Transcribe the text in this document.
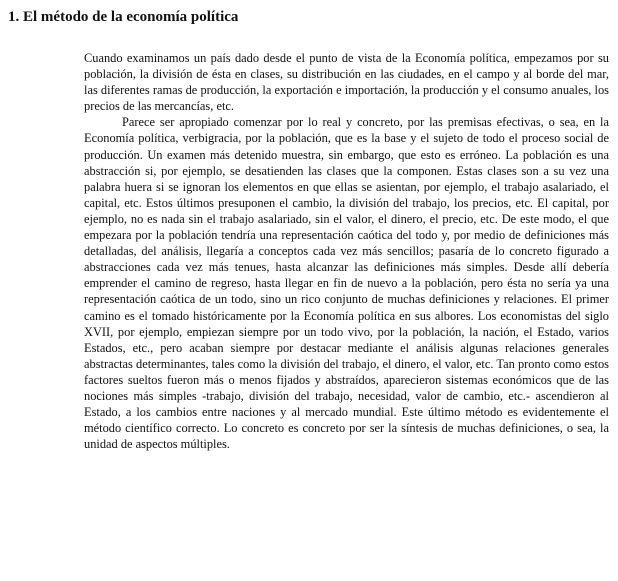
1. El método de la economía política

Cuando examinamos un país dado desde el punto de vista de la Economía política, empezamos por su población, la división de ésta en clases, su distribución en las ciudades, en el campo y al borde del mar, las diferentes ramas de producción, la exportación e importación, la producción y el consumo anuales, los precios de las mercancías, etc.

Parece ser apropiado comenzar por lo real y concreto, por las premisas efectivas, o sea, en la Economía política, verbigracia, por la población, que es la base y el sujeto de todo el proceso social de producción. Un examen más detenido muestra, sin embargo, que esto es erróneo. La población es una abstracción si, por ejemplo, se desatienden las clases que la componen. Estas clases son a su vez una palabra huera si se ignoran los elementos en que ellas se asientan, por ejemplo, el trabajo asalariado, el capital, etc. Estos últimos presuponen el cambio, la división del trabajo, los precios, etc. El capital, por ejemplo, no es nada sin el trabajo asalariado, sin el valor, el dinero, el precio, etc. De este modo, el que empezara por la población tendría una representación caótica del todo y, por medio de definiciones más detalladas, del análisis, llegaría a conceptos cada vez más sencillos; pasaría de lo concreto figurado a abstracciones cada vez más tenues, hasta alcanzar las definiciones más simples. Desde allí debería emprender el camino de regreso, hasta llegar en fin de nuevo a la población, pero ésta no sería ya una representación caótica de un todo, sino un rico conjunto de muchas definiciones y relaciones. El primer camino es el tomado históricamente por la Economía política en sus albores. Los economistas del siglo XVII, por ejemplo, empiezan siempre por un todo vivo, por la población, la nación, el Estado, varios Estados, etc., pero acaban siempre por destacar mediante el análisis algunas relaciones generales abstractas determinantes, tales como la división del trabajo, el dinero, el valor, etc. Tan pronto como estos factores sueltos fueron más o menos fijados y abstraídos, aparecieron sistemas económicos que de las nociones más simples -trabajo, división del trabajo, necesidad, valor de cambio, etc.- ascendieron al Estado, a los cambios entre naciones y al mercado mundial. Este último método es evidentemente el método científico correcto. Lo concreto es concreto por ser la síntesis de muchas definiciones, o sea, la unidad de aspectos múltiples.
